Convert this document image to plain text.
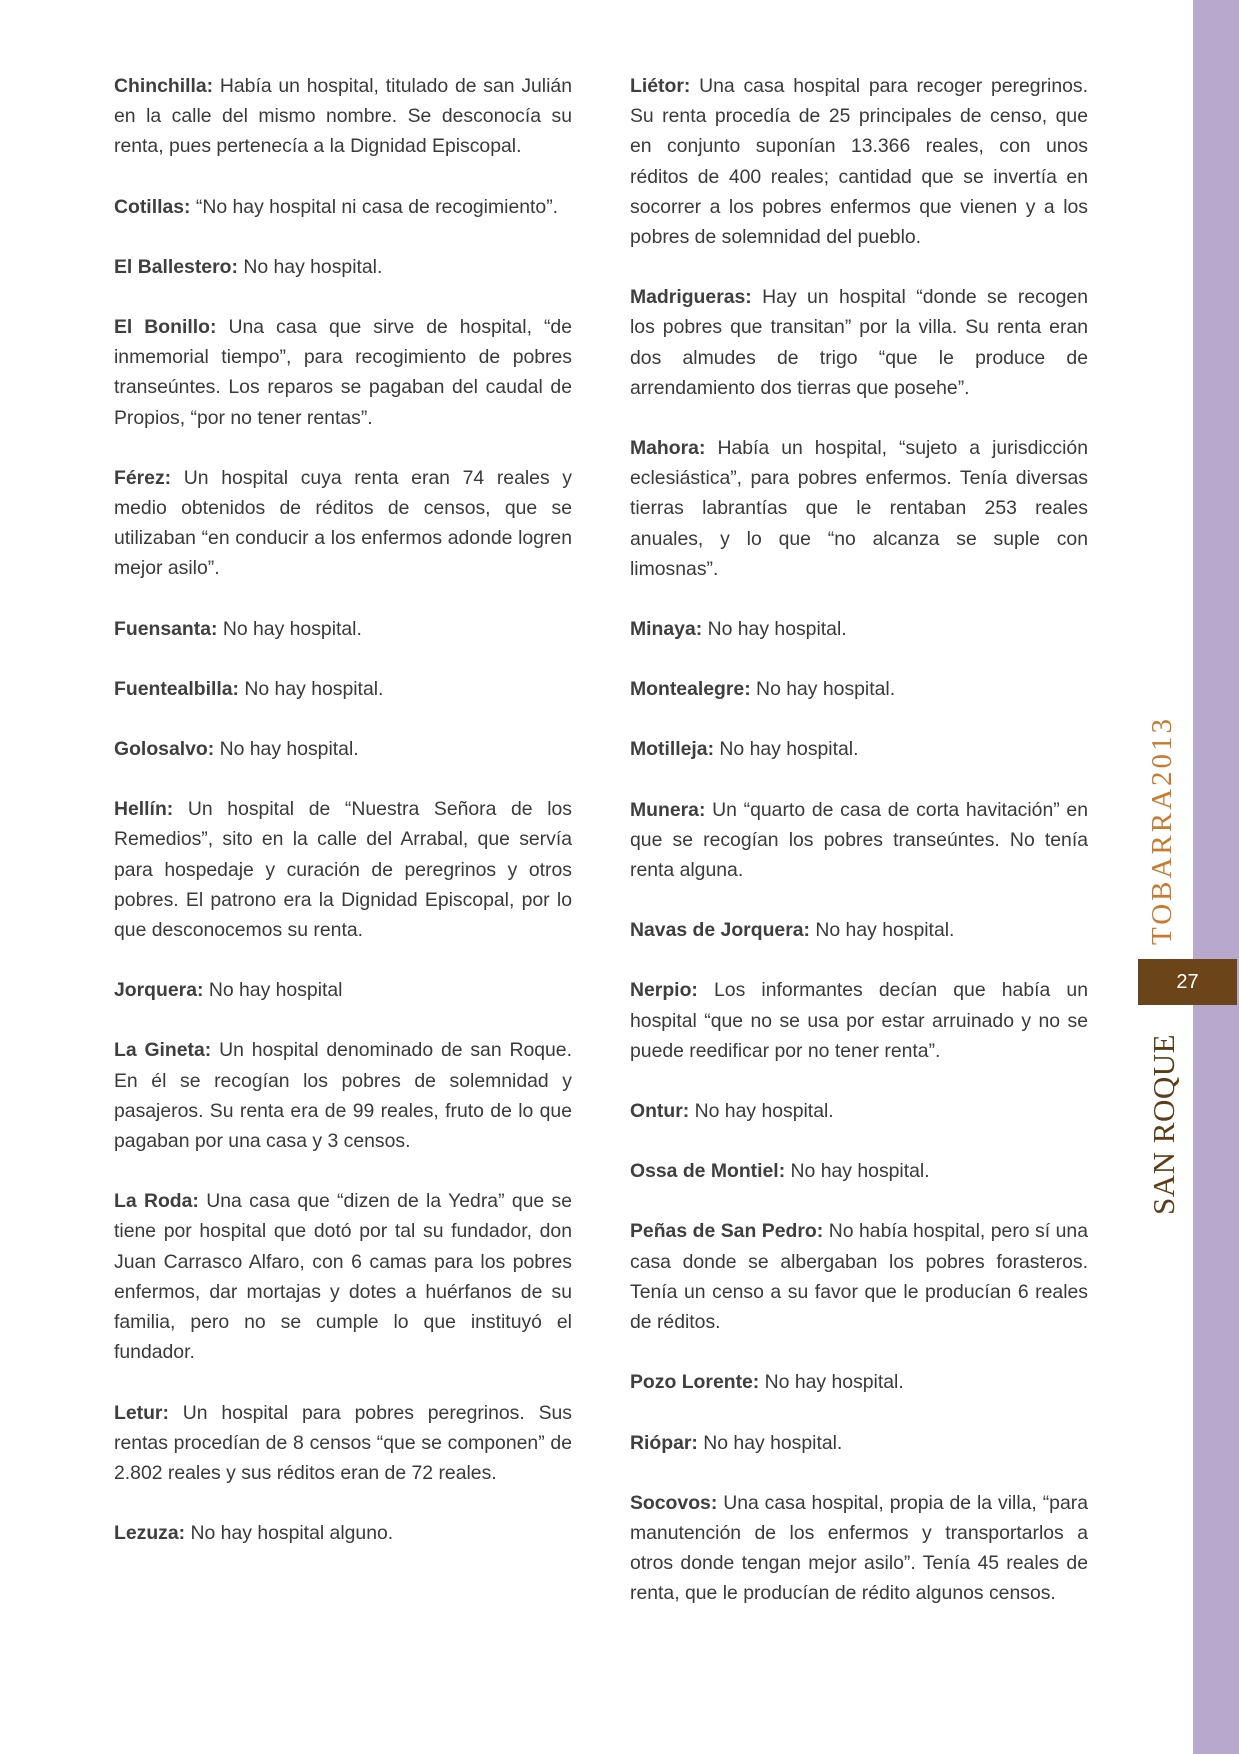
Chinchilla: Había un hospital, titulado de san Julián en la calle del mismo nombre. Se desconocía su renta, pues pertenecía a la Dignidad Episcopal.

Cotillas: “No hay hospital ni casa de recogimiento”.

El Ballestero: No hay hospital.

El Bonillo: Una casa que sirve de hospital, “de inmemorial tiempo”, para recogimiento de pobres transeúntes. Los reparos se pagaban del caudal de Propios, “por no tener rentas”.

Férez: Un hospital cuya renta eran 74 reales y medio obtenidos de réditos de censos, que se utilizaban “en conducir a los enfermos adonde logren mejor asilo”.

Fuensanta: No hay hospital.

Fuentealbilla: No hay hospital.

Golosalvo: No hay hospital.

Hellín: Un hospital de “Nuestra Señora de los Remedios”, sito en la calle del Arrabal, que servía para hospedaje y curación de peregrinos y otros pobres. El patrono era la Dignidad Episcopal, por lo que desconocemos su renta.

Jorquera: No hay hospital

La Gineta: Un hospital denominado de san Roque. En él se recogían los pobres de solemnidad y pasajeros. Su renta era de 99 reales, fruto de lo que pagaban por una casa y 3 censos.

La Roda: Una casa que “dizen de la Yedra” que se tiene por hospital que dotó por tal su fundador, don Juan Carrasco Alfaro, con 6 camas para los pobres enfermos, dar mortajas y dotes a huérfanos de su familia, pero no se cumple lo que instituyó el fundador.

Letur: Un hospital para pobres peregrinos. Sus rentas procedían de 8 censos “que se componen” de 2.802 reales y sus réditos eran de 72 reales.

Lezuza: No hay hospital alguno.

Liétor: Una casa hospital para recoger peregrinos. Su renta procedía de 25 principales de censo, que en conjunto suponían 13.366 reales, con unos réditos de 400 reales; cantidad que se invertía en socorrer a los pobres enfermos que vienen y a los pobres de solemnidad del pueblo.

Madrigueras: Hay un hospital “donde se recogen los pobres que transitan” por la villa. Su renta eran dos almudes de trigo “que le produce de arrendamiento dos tierras que posehe”.

Mahora: Había un hospital, “sujeto a jurisdicción eclesiástica”, para pobres enfermos. Tenía diversas tierras labrantías que le rentaban 253 reales anuales, y lo que “no alcanza se suple con limosnas”.

Minaya: No hay hospital.

Montealegre: No hay hospital.

Motilleja: No hay hospital.

Munera: Un “quarto de casa de corta havitación” en que se recogían los pobres transeúntes. No tenía renta alguna.

Navas de Jorquera: No hay hospital.

Nerpio: Los informantes decían que había un hospital “que no se usa por estar arruinado y no se puede reedificar por no tener renta”.

Ontur: No hay hospital.

Ossa de Montiel: No hay hospital.

Peñas de San Pedro: No había hospital, pero sí una casa donde se albergaban los pobres forasteros. Tenía un censo a su favor que le producían 6 reales de réditos.

Pozo Lorente: No hay hospital.

Riópar: No hay hospital.

Socovos: Una casa hospital, propia de la villa, “para manutención de los enfermos y transportarlos a otros donde tengan mejor asilo”. Tenía 45 reales de renta, que le producían de rédito algunos censos.

TOBARRA2013
27
SAN ROQUE
